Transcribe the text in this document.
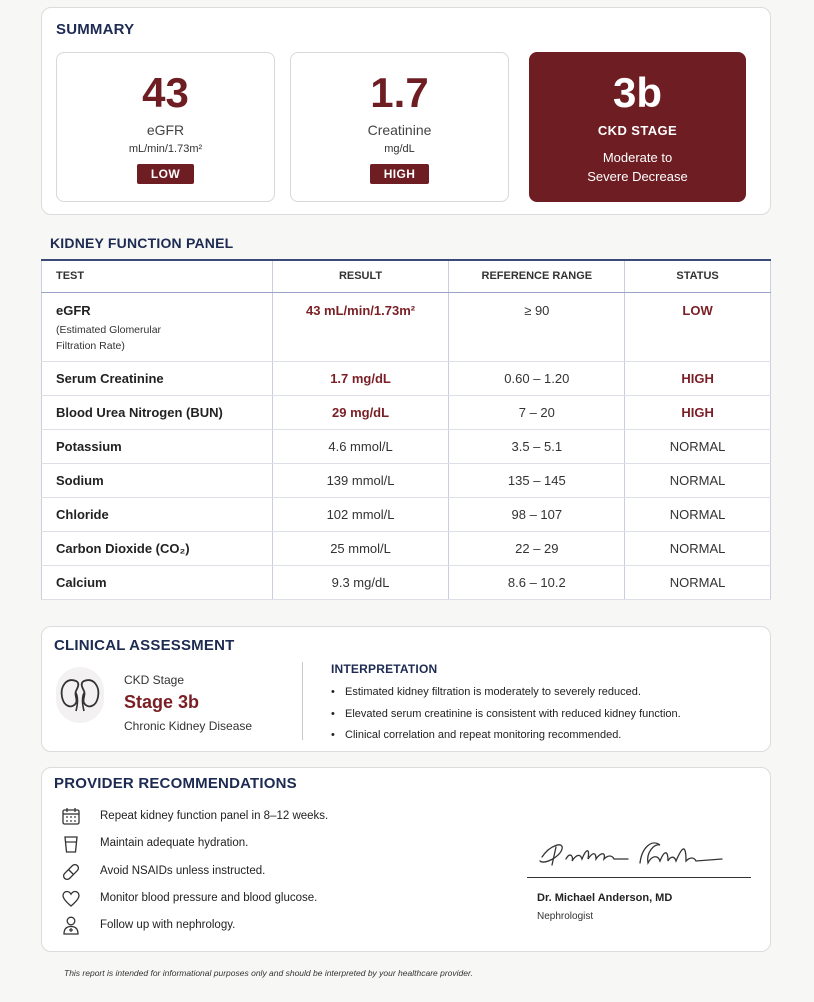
SUMMARY
43
eGFR
mL/min/1.73m²
LOW
1.7
Creatinine
mg/dL
HIGH
3b
CKD STAGE
Moderate to
Severe Decrease
KIDNEY FUNCTION PANEL
TEST	RESULT	REFERENCE RANGE	STATUS
eGFR
(Estimated Glomerular
Filtration Rate)	43 mL/min/1.73m²	≥ 90	LOW
Serum Creatinine	1.7 mg/dL	0.60 – 1.20	HIGH
Blood Urea Nitrogen (BUN)	29 mg/dL	7 – 20	HIGH
Potassium	4.6 mmol/L	3.5 – 5.1	NORMAL
Sodium	139 mmol/L	135 – 145	NORMAL
Chloride	102 mmol/L	98 – 107	NORMAL
Carbon Dioxide (CO₂)	25 mmol/L	22 – 29	NORMAL
Calcium	9.3 mg/dL	8.6 – 10.2	NORMAL
CLINICAL ASSESSMENT
CKD Stage
Stage 3b
Chronic Kidney Disease
INTERPRETATION
• Estimated kidney filtration is moderately to severely reduced.
• Elevated serum creatinine is consistent with reduced kidney function.
• Clinical correlation and repeat monitoring recommended.
PROVIDER RECOMMENDATIONS
Repeat kidney function panel in 8–12 weeks.
Maintain adequate hydration.
Avoid NSAIDs unless instructed.
Monitor blood pressure and blood glucose.
Follow up with nephrology.
Dr. Michael Anderson, MD
Nephrologist
This report is intended for informational purposes only and should be interpreted by your healthcare provider.
